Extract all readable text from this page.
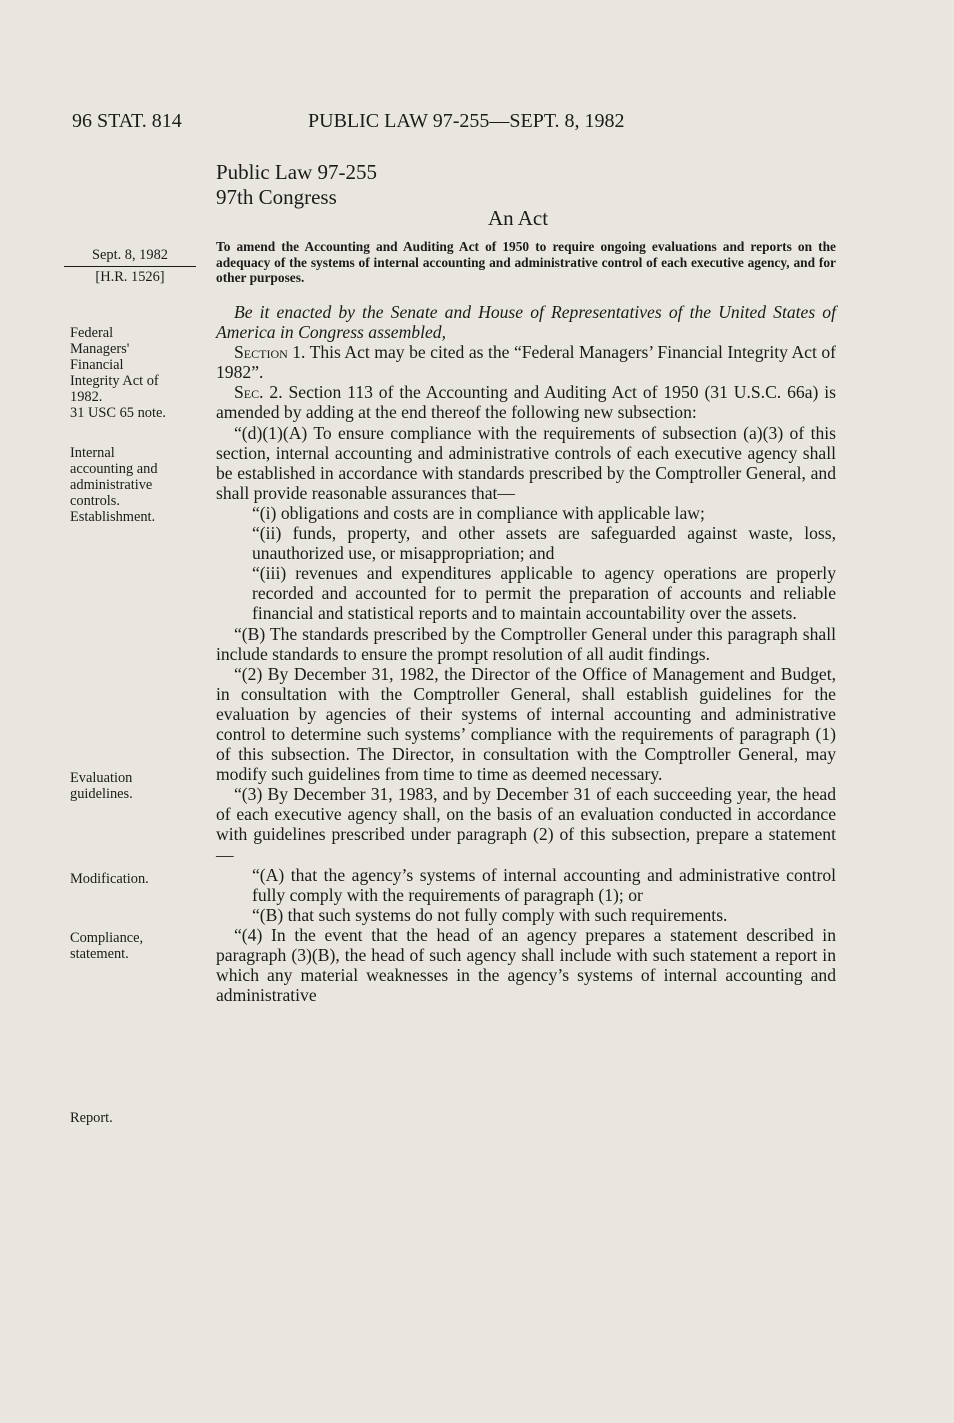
96 STAT. 814	PUBLIC LAW 97-255—SEPT. 8, 1982
Public Law 97-255
97th Congress
An Act
To amend the Accounting and Auditing Act of 1950 to require ongoing evaluations and reports on the adequacy of the systems of internal accounting and administrative control of each executive agency, and for other purposes.
Sept. 8, 1982
[H.R. 1526]
Federal
Managers'
Financial
Integrity Act of
1982.
31 USC 65 note.
Internal
accounting and
administrative
controls.
Establishment.
Evaluation
guidelines.
Modification.
Compliance,
statement.
Report.

Be it enacted by the Senate and House of Representatives of the United States of America in Congress assembled,

Section 1. This Act may be cited as the “Federal Managers’ Financial Integrity Act of 1982”.

Sec. 2. Section 113 of the Accounting and Auditing Act of 1950 (31 U.S.C. 66a) is amended by adding at the end thereof the following new subsection:

“(d)(1)(A) To ensure compliance with the requirements of subsection (a)(3) of this section, internal accounting and administrative controls of each executive agency shall be established in accordance with standards prescribed by the Comptroller General, and shall provide reasonable assurances that—

“(i) obligations and costs are in compliance with applicable law;

“(ii) funds, property, and other assets are safeguarded against waste, loss, unauthorized use, or misappropriation; and

“(iii) revenues and expenditures applicable to agency operations are properly recorded and accounted for to permit the preparation of accounts and reliable financial and statistical reports and to maintain accountability over the assets.

“(B) The standards prescribed by the Comptroller General under this paragraph shall include standards to ensure the prompt resolution of all audit findings.

“(2) By December 31, 1982, the Director of the Office of Management and Budget, in consultation with the Comptroller General, shall establish guidelines for the evaluation by agencies of their systems of internal accounting and administrative control to determine such systems’ compliance with the requirements of paragraph (1) of this subsection. The Director, in consultation with the Comptroller General, may modify such guidelines from time to time as deemed necessary.

“(3) By December 31, 1983, and by December 31 of each succeeding year, the head of each executive agency shall, on the basis of an evaluation conducted in accordance with guidelines prescribed under paragraph (2) of this subsection, prepare a statement—

“(A) that the agency’s systems of internal accounting and administrative control fully comply with the requirements of paragraph (1); or

“(B) that such systems do not fully comply with such requirements.

“(4) In the event that the head of an agency prepares a statement described in paragraph (3)(B), the head of such agency shall include with such statement a report in which any material weaknesses in the agency’s systems of internal accounting and administrative
